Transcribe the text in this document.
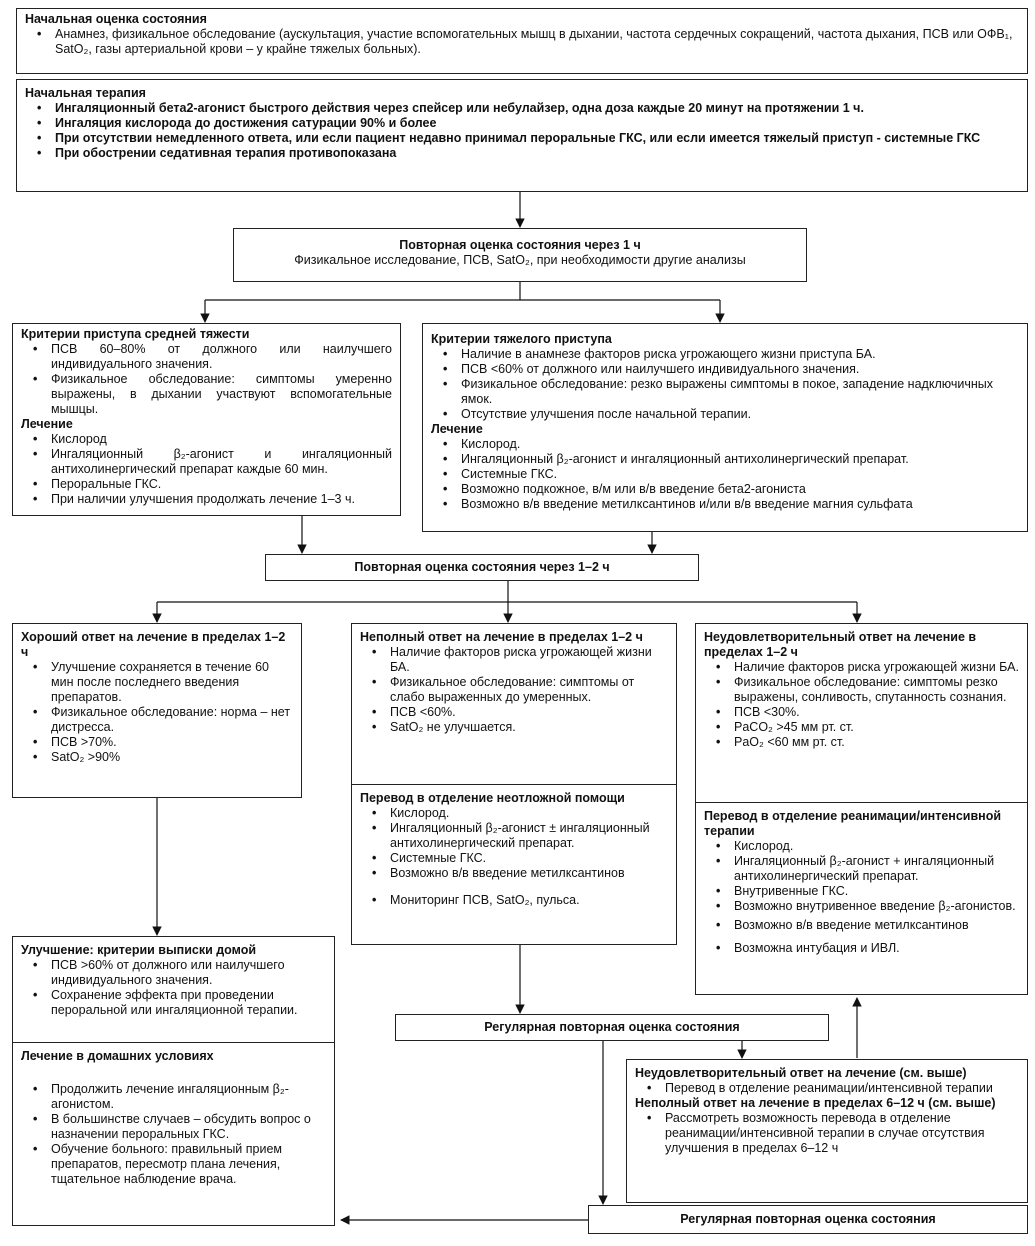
Начальная оценка состояния
• Анамнез, физикальное обследование (аускультация, участие вспомогательных мышц в дыхании, частота сердечных сокращений, частота дыхания, ПСВ или ОФВ₁, SatO₂, газы артериальной крови – у крайне тяжелых больных).
Начальная терапия
• Ингаляционный бета2-агонист быстрого действия через спейсер или небулайзер, одна доза каждые 20 минут на протяжении 1 ч.
• Ингаляция кислорода до достижения сатурации 90% и более
• При отсутствии немедленного ответа, или если пациент недавно принимал пероральные ГКС, или если имеется тяжелый приступ - системные ГКС
• При обострении седативная терапия противопоказана
Повторная оценка состояния через 1 ч
Физикальное исследование, ПСВ, SatO₂, при необходимости другие анализы
Критерии приступа средней тяжести
• ПСВ 60–80% от должного или наилучшего индивидуального значения.
• Физикальное обследование: симптомы умеренно выражены, в дыхании участвуют вспомогательные мышцы.
Лечение
• Кислород
• Ингаляционный β₂-агонист и ингаляционный антихолинергический препарат каждые 60 мин.
• Пероральные ГКС.
• При наличии улучшения продолжать лечение 1–3 ч.
Критерии тяжелого приступа
• Наличие в анамнезе факторов риска угрожающего жизни приступа БА.
• ПСВ <60% от должного или наилучшего индивидуального значения.
• Физикальное обследование: резко выражены симптомы в покое, западение надключичных ямок.
• Отсутствие улучшения после начальной терапии.
Лечение
• Кислород.
• Ингаляционный β₂-агонист и ингаляционный антихолинергический препарат.
• Системные ГКС.
• Возможно подкожное, в/м или в/в введение бета2-агониста
• Возможно в/в введение метилксантинов и/или в/в введение магния сульфата
Повторная оценка состояния через 1–2 ч
Хороший ответ на лечение в пределах 1–2 ч
• Улучшение сохраняется в течение 60 мин после последнего введения препаратов.
• Физикальное обследование: норма – нет дистресса.
• ПСВ >70%.
• SatO₂ >90%
Неполный ответ на лечение в пределах 1–2 ч
• Наличие факторов риска угрожающей жизни БА.
• Физикальное обследование: симптомы от слабо выраженных до умеренных.
• ПСВ <60%.
• SatO₂ не улучшается.
Перевод в отделение неотложной помощи
• Кислород.
• Ингаляционный β₂-агонист ± ингаляционный антихолинергический препарат.
• Системные ГКС.
• Возможно в/в введение метилксантинов
• Мониторинг ПСВ, SatO₂, пульса.
Неудовлетворительный ответ на лечение в пределах 1–2 ч
• Наличие факторов риска угрожающей жизни БА.
• Физикальное обследование: симптомы резко выражены, сонливость, спутанность сознания.
• ПСВ <30%.
• PaCO₂ >45 мм рт. ст.
• PaO₂ <60 мм рт. ст.
Перевод в отделение реанимации/интенсивной терапии
• Кислород.
• Ингаляционный β₂-агонист + ингаляционный антихолинергический препарат.
• Внутривенные ГКС.
• Возможно внутривенное введение β₂-агонистов.
• Возможно в/в введение метилксантинов
• Возможна интубация и ИВЛ.
Улучшение: критерии выписки домой
• ПСВ >60% от должного или наилучшего индивидуального значения.
• Сохранение эффекта при проведении пероральной или ингаляционной терапии.
Лечение в домашних условиях
• Продолжить лечение ингаляционным β₂-агонистом.
• В большинстве случаев – обсудить вопрос о назначении пероральных ГКС.
• Обучение больного: правильный прием препаратов, пересмотр плана лечения, тщательное наблюдение врача.
Регулярная повторная оценка состояния
Неудовлетворительный ответ на лечение (см. выше)
• Перевод в отделение реанимации/интенсивной терапии
Неполный ответ на лечение в пределах 6–12 ч (см. выше)
• Рассмотреть возможность перевода в отделение реанимации/интенсивной терапии в случае отсутствия улучшения в пределах 6–12 ч
Регулярная повторная оценка состояния
